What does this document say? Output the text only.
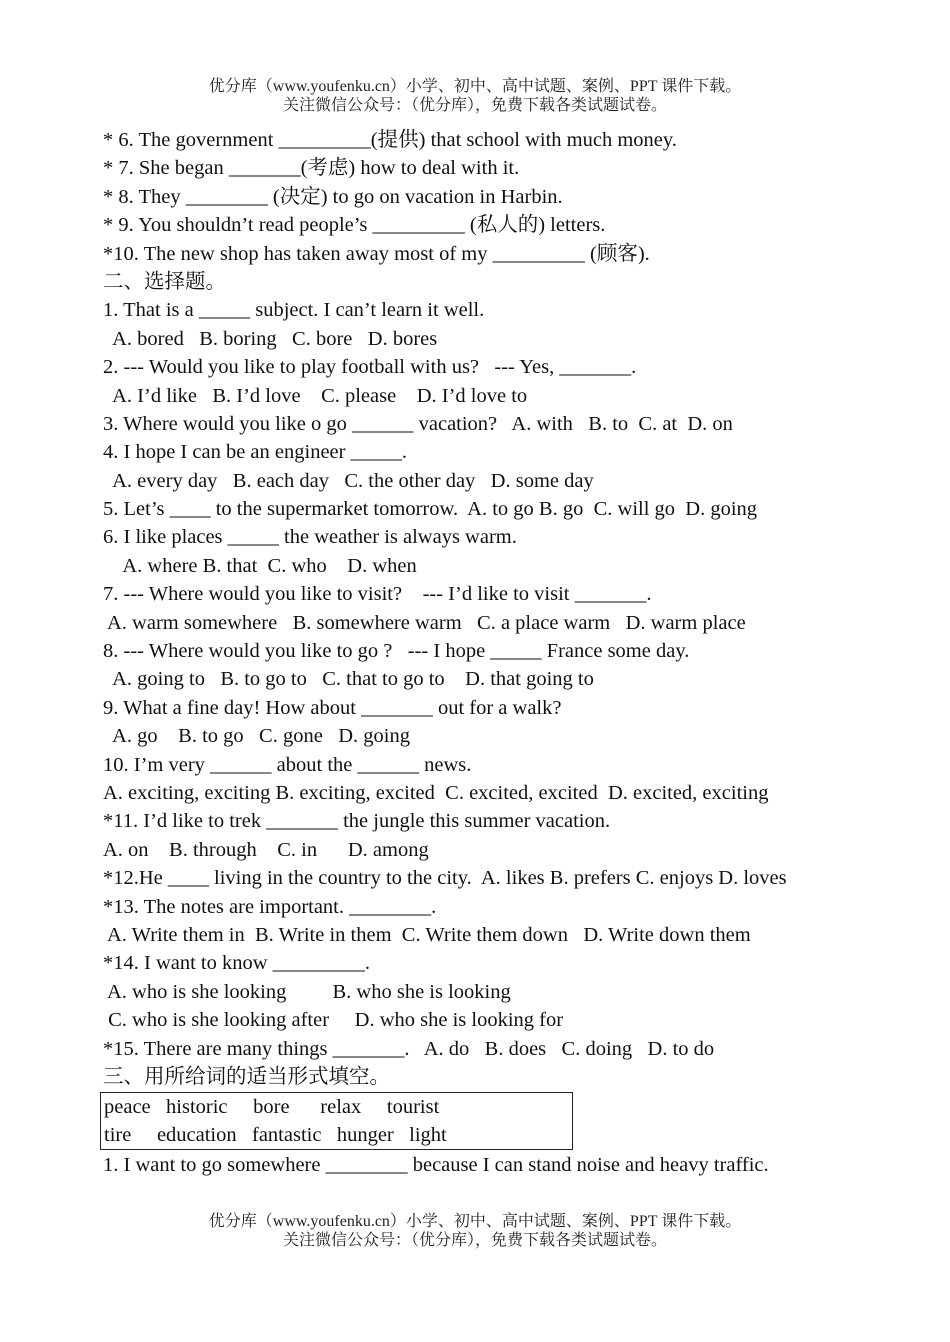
优分库（www.youfenku.cn）小学、初中、高中试题、案例、PPT 课件下载。
关注微信公众号：（优分库），免费下载各类试题试卷。
* 6. The government _________(提供) that school with much money.
* 7. She began _______(考虑) how to deal with it.
* 8. They ________ (决定) to go on vacation in Harbin.
* 9. You shouldn’t read people’s _________ (私人的) letters.
*10. The new shop has taken away most of my _________ (顾客).
二、选择题。
1. That is a _____ subject. I can’t learn it well.
A. bored   B. boring   C. bore   D. bores
2. --- Would you like to play football with us?   --- Yes, _______.
A. I’d like   B. I’d love    C. please    D. I’d love to
3. Where would you like o go ______ vacation?   A. with   B. to  C. at  D. on
4. I hope I can be an engineer _____.
A. every day   B. each day   C. the other day   D. some day
5. Let’s ____ to the supermarket tomorrow.  A. to go B. go  C. will go  D. going
6. I like places _____ the weather is always warm.
A. where B. that  C. who    D. when
7. --- Where would you like to visit?    --- I’d like to visit _______.
A. warm somewhere   B. somewhere warm   C. a place warm   D. warm place
8. --- Where would you like to go ?   --- I hope _____ France some day.
A. going to   B. to go to   C. that to go to    D. that going to
9. What a fine day! How about _______ out for a walk?
A. go    B. to go   C. gone   D. going
10. I’m very ______ about the ______ news.
A. exciting, exciting B. exciting, excited  C. excited, excited  D. excited, exciting
*11. I’d like to trek _______ the jungle this summer vacation.
A. on    B. through    C. in      D. among
*12.He ____ living in the country to the city.  A. likes B. prefers C. enjoys D. loves
*13. The notes are important. ________.
A. Write them in  B. Write in them  C. Write them down   D. Write down them
*14. I want to know _________.
A. who is she looking         B. who she is looking
C. who is she looking after     D. who she is looking for
*15. There are many things _______.   A. do   B. does   C. doing   D. to do
三、用所给词的适当形式填空。
peace   historic     bore      relax     tourist
tire     education   fantastic   hunger   light
1. I want to go somewhere ________ because I can stand noise and heavy traffic.
优分库（www.youfenku.cn）小学、初中、高中试题、案例、PPT 课件下载。
关注微信公众号：（优分库），免费下载各类试题试卷。
